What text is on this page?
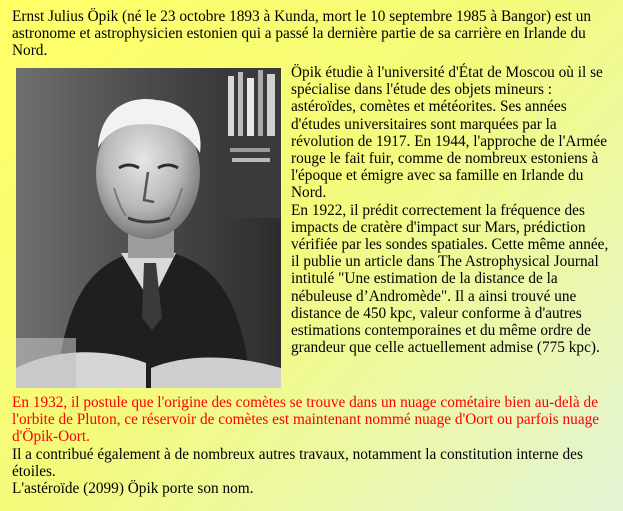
Ernst Julius Öpik (né le 23 octobre 1893 à Kunda, mort le 10 septembre 1985 à Bangor) est un astronome et astrophysicien estonien qui a passé la dernière partie de sa carrière en Irlande du Nord.

Öpik étudie à l'université d'État de Moscou où il se spécialise dans l'étude des objets mineurs : astéroïdes, comètes et météorites. Ses années d'études universitaires sont marquées par la révolution de 1917. En 1944, l'approche de l'Armée rouge le fait fuir, comme de nombreux estoniens à l'époque et émigre avec sa famille en Irlande du Nord.

En 1922, il prédit correctement la fréquence des impacts de cratère d'impact sur Mars, prédiction vérifiée par les sondes spatiales. Cette même année, il publie un article dans The Astrophysical Journal intitulé "Une estimation de la distance de la nébuleuse d’Andromède". Il a ainsi trouvé une distance de 450 kpc, valeur conforme à d'autres estimations contemporaines et du même ordre de grandeur que celle actuellement admise (775 kpc).

En 1932, il postule que l'origine des comètes se trouve dans un nuage cométaire bien au-delà de l'orbite de Pluton, ce réservoir de comètes est maintenant nommé nuage d'Oort ou parfois nuage d'Öpik-Oort.

Il a contribué également à de nombreux autres travaux, notamment la constitution interne des étoiles.

L'astéroïde (2099) Öpik porte son nom.
